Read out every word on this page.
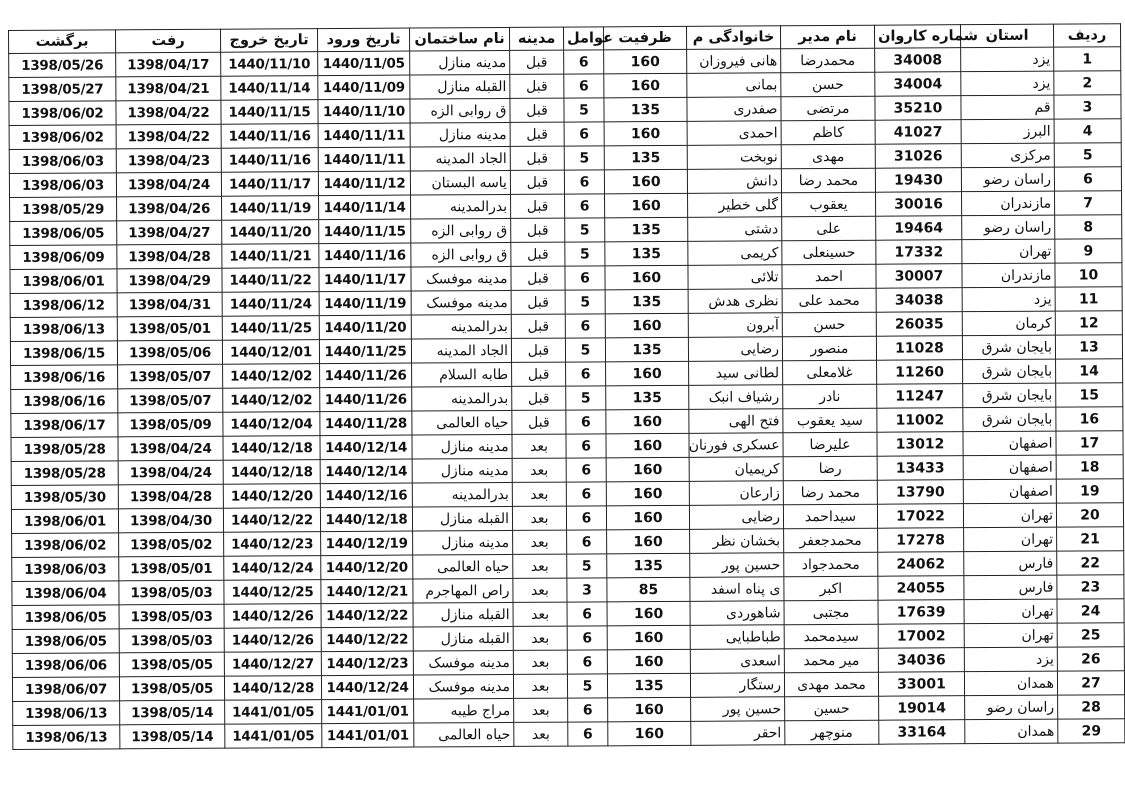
برگشت	رفت	تاریخ خروج	تاریخ ورود	نام ساختمان	مدینه	عوامل	ظرفیت	خانوادگی م	نام مدیر	شماره کاروان	استان	ردیف
1398/05/26	1398/04/17	1440/11/10	1440/11/05	مدینه منازل	قبل	6	160	هانی فیروزان	محمدرضا	34008	یزد	1
1398/05/27	1398/04/21	1440/11/14	1440/11/09	القبله منازل	قبل	6	160	بمانی	حسن	34004	یزد	2
1398/06/02	1398/04/22	1440/11/15	1440/11/10	ق روابی الزه	قبل	5	135	صفدری	مرتضی	35210	قم	3
1398/06/02	1398/04/22	1440/11/16	1440/11/11	مدینه منازل	قبل	6	160	احمدی	کاظم	41027	البرز	4
1398/06/03	1398/04/23	1440/11/16	1440/11/11	الجاد المدینه	قبل	5	135	نوبخت	مهدی	31026	مرکزی	5
1398/06/03	1398/04/24	1440/11/17	1440/11/12	یاسه البستان	قبل	6	160	دانش	محمد رضا	19430	راسان رضو	6
1398/05/29	1398/04/26	1440/11/19	1440/11/14	بدرالمدینه	قبل	6	160	گلی خطیر	یعقوب	30016	مازندران	7
1398/06/05	1398/04/27	1440/11/20	1440/11/15	ق روابی الزه	قبل	5	135	دشتی	علی	19464	راسان رضو	8
1398/06/09	1398/04/28	1440/11/21	1440/11/16	ق روابی الزه	قبل	5	135	کریمی	حسینعلی	17332	تهران	9
1398/06/01	1398/04/29	1440/11/22	1440/11/17	مدینه موفسک	قبل	6	160	تلائی	احمد	30007	مازندران	10
1398/06/12	1398/04/31	1440/11/24	1440/11/19	مدینه موفسک	قبل	5	135	نظری هدش	محمد علی	34038	یزد	11
1398/06/13	1398/05/01	1440/11/25	1440/11/20	بدرالمدینه	قبل	6	160	آبرون	حسن	26035	کرمان	12
1398/06/15	1398/05/06	1440/12/01	1440/11/25	الجاد المدینه	قبل	5	135	رضایی	منصور	11028	بایجان شرق	13
1398/06/16	1398/05/07	1440/12/02	1440/11/26	طابه السلام	قبل	6	160	لطانی سید	غلامعلی	11260	بایجان شرق	14
1398/06/16	1398/05/07	1440/12/02	1440/11/26	بدرالمدینه	قبل	5	135	رشیاف انبک	نادر	11247	بایجان شرق	15
1398/06/17	1398/05/09	1440/12/04	1440/11/28	حیاه العالمی	قبل	6	160	فتح الهی	سید یعقوب	11002	بایجان شرق	16
1398/05/28	1398/04/24	1440/12/18	1440/12/14	مدینه منازل	بعد	6	160	عسکری فورنان	علیرضا	13012	اصفهان	17
1398/05/28	1398/04/24	1440/12/18	1440/12/14	مدینه منازل	بعد	6	160	کریمیان	رضا	13433	اصفهان	18
1398/05/30	1398/04/28	1440/12/20	1440/12/16	بدرالمدینه	بعد	6	160	زارعان	محمد رضا	13790	اصفهان	19
1398/06/01	1398/04/30	1440/12/22	1440/12/18	القبله منازل	بعد	6	160	رضایی	سیداحمد	17022	تهران	20
1398/06/02	1398/05/02	1440/12/23	1440/12/19	مدینه منازل	بعد	6	160	بخشان نظر	محمدجعفر	17278	تهران	21
1398/06/03	1398/05/01	1440/12/24	1440/12/20	حیاه العالمی	بعد	5	135	حسین پور	محمدجواد	24062	فارس	22
1398/06/04	1398/05/03	1440/12/25	1440/12/21	راص المهاجرم	بعد	3	85	ی پناه اسفد	اکبر	24055	فارس	23
1398/06/05	1398/05/03	1440/12/26	1440/12/22	القبله منازل	بعد	6	160	شاهوردی	مجتبی	17639	تهران	24
1398/06/05	1398/05/03	1440/12/26	1440/12/22	القبله منازل	بعد	6	160	طباطبایی	سیدمحمد	17002	تهران	25
1398/06/06	1398/05/05	1440/12/27	1440/12/23	مدینه موفسک	بعد	6	160	اسعدی	میر محمد	34036	یزد	26
1398/06/07	1398/05/05	1440/12/28	1440/12/24	مدینه موفسک	بعد	5	135	رستگار	محمد مهدی	33001	همدان	27
1398/06/13	1398/05/14	1441/01/05	1441/01/01	مراج طیبه	بعد	6	160	حسین پور	حسین	19014	راسان رضو	28
1398/06/13	1398/05/14	1441/01/05	1441/01/01	حیاه العالمی	بعد	6	160	احقر	منوچهر	33164	همدان	29
